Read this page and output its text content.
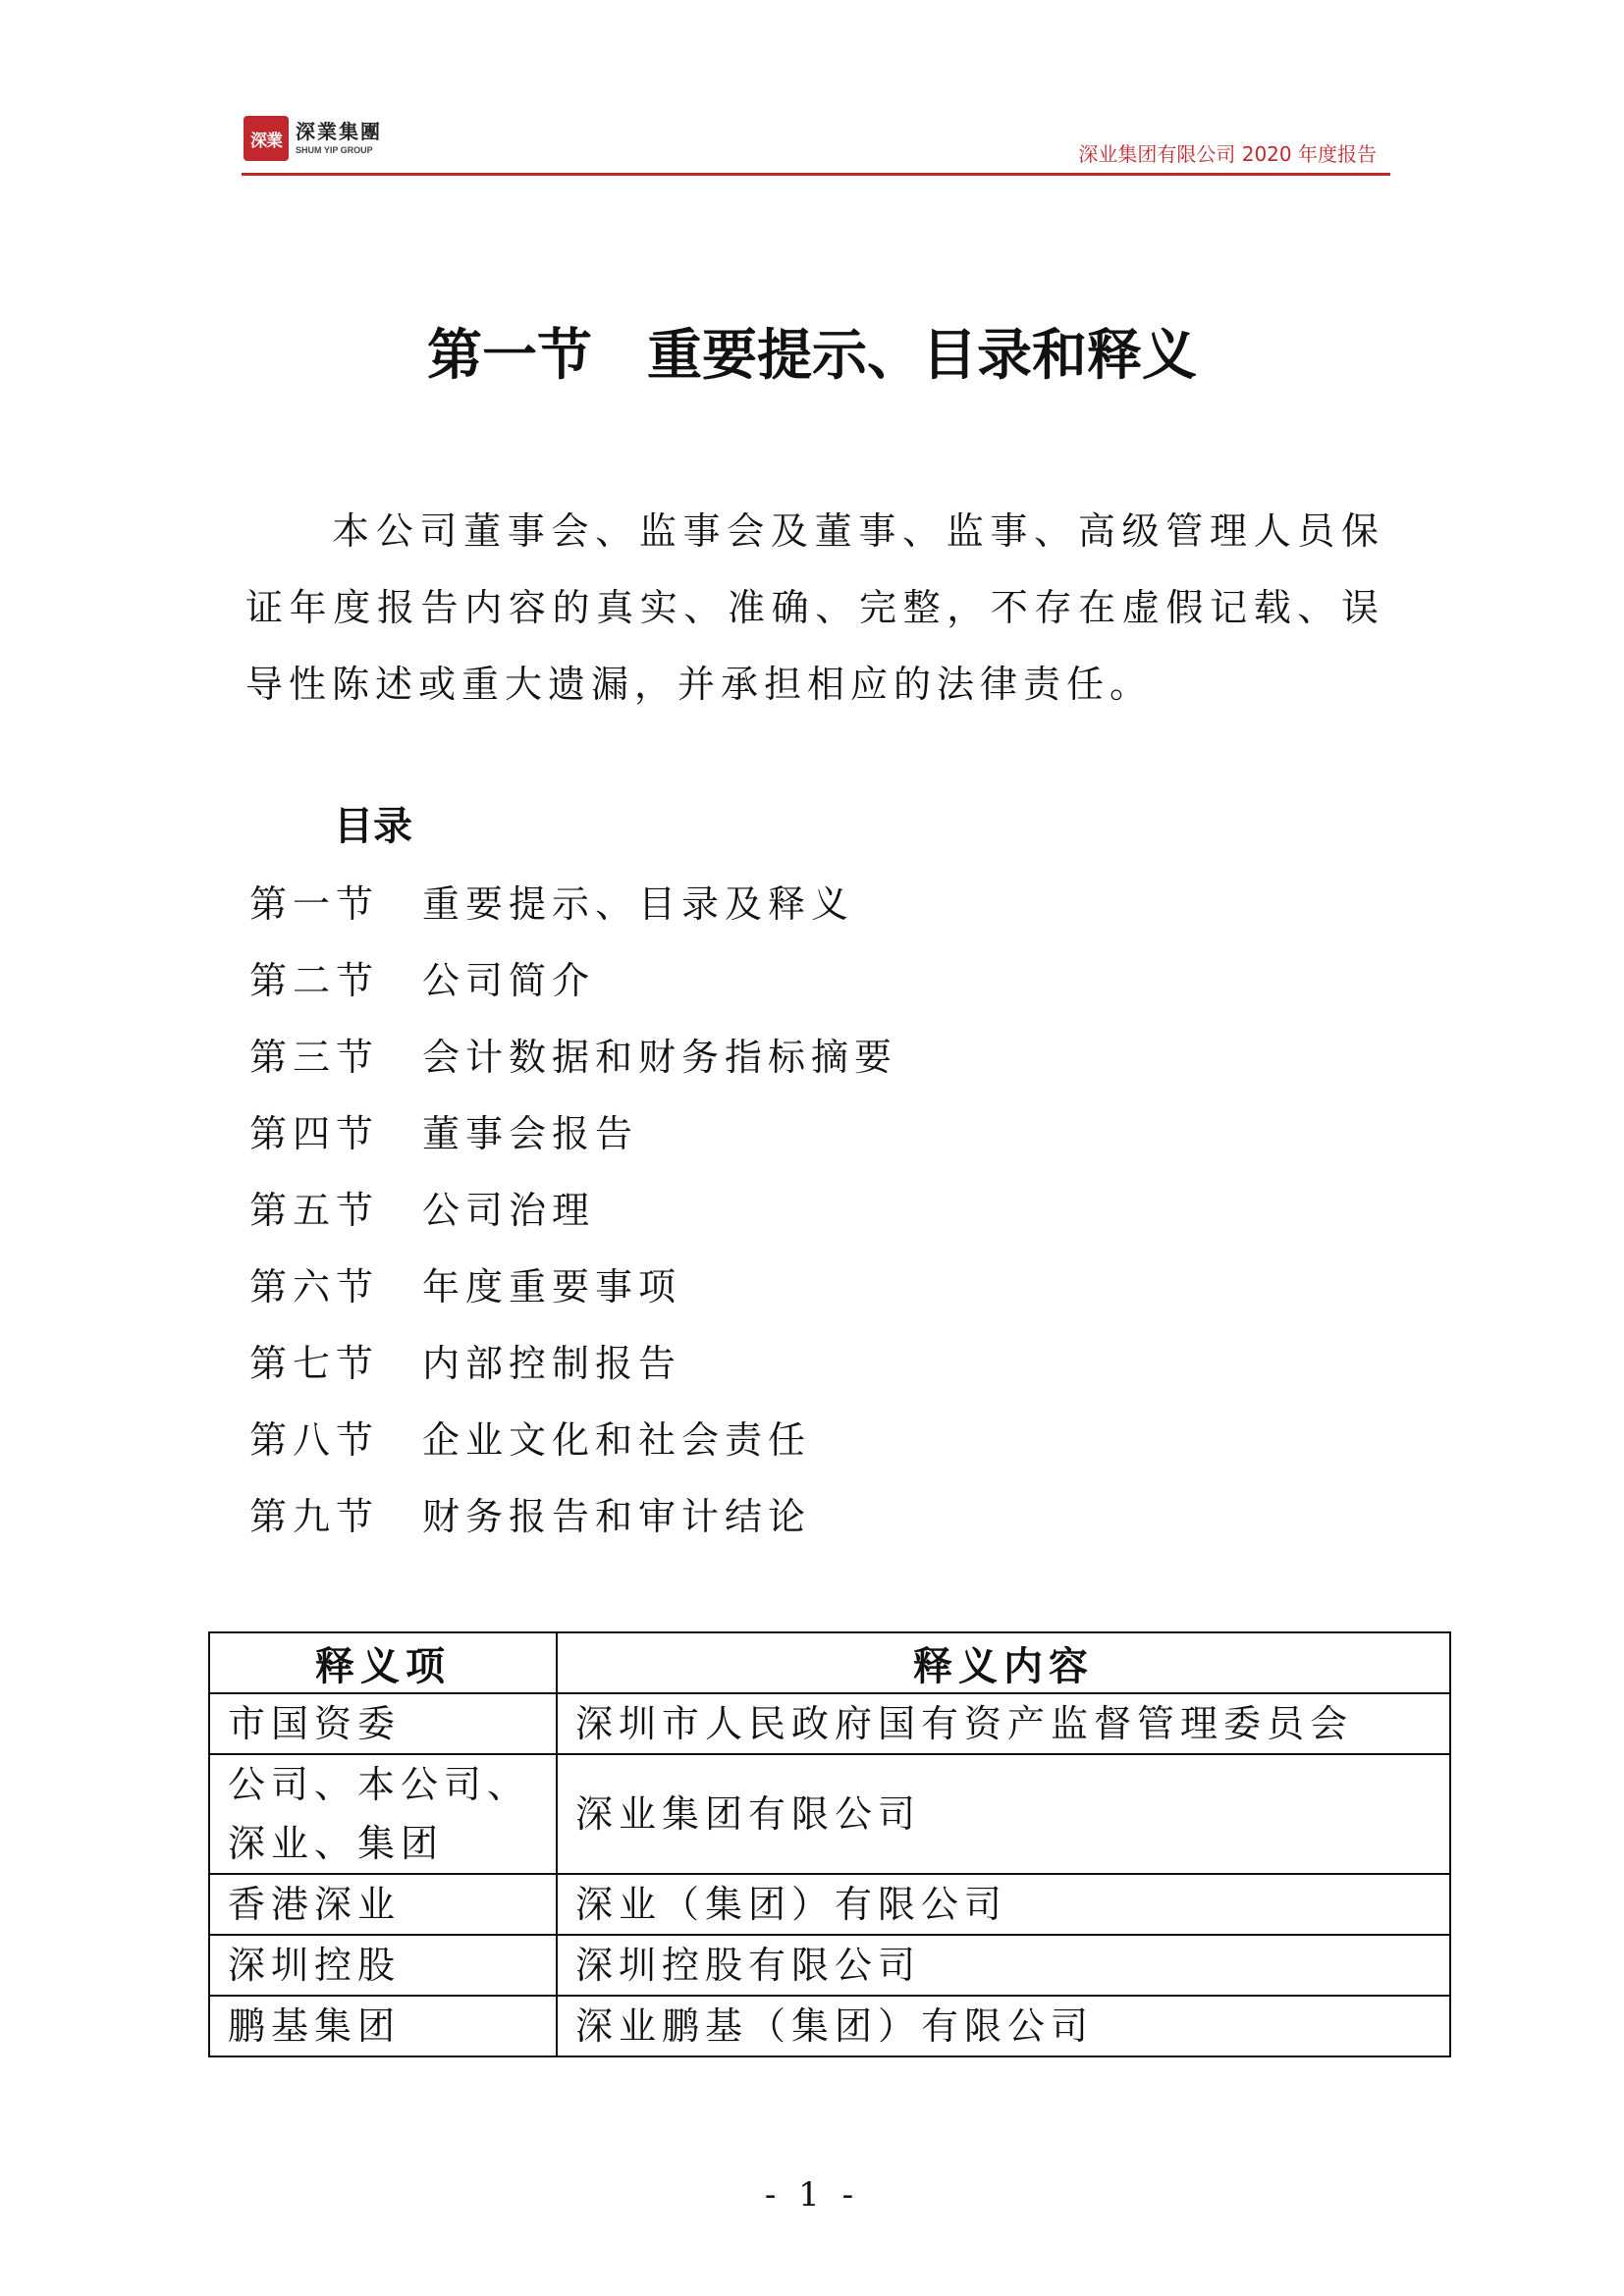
深業 深業集團
SHUM YIP GROUP	深业集团有限公司 2020 年度报告
第一节　重要提示、目录和释义
本公司董事会、监事会及董事、监事、高级管理人员保证年度报告内容的真实、准确、完整，不存在虚假记载、误导性陈述或重大遗漏，并承担相应的法律责任。
目录
第一节	重要提示、目录及释义
第二节	公司简介
第三节	会计数据和财务指标摘要
第四节	董事会报告
第五节	公司治理
第六节	年度重要事项
第七节	内部控制报告
第八节	企业文化和社会责任
第九节	财务报告和审计结论
释义项	释义内容
市国资委	深圳市人民政府国有资产监督管理委员会
公司、本公司、深业、集团	深业集团有限公司
香港深业	深业（集团）有限公司
深圳控股	深圳控股有限公司
鹏基集团	深业鹏基（集团）有限公司
- 1 -
